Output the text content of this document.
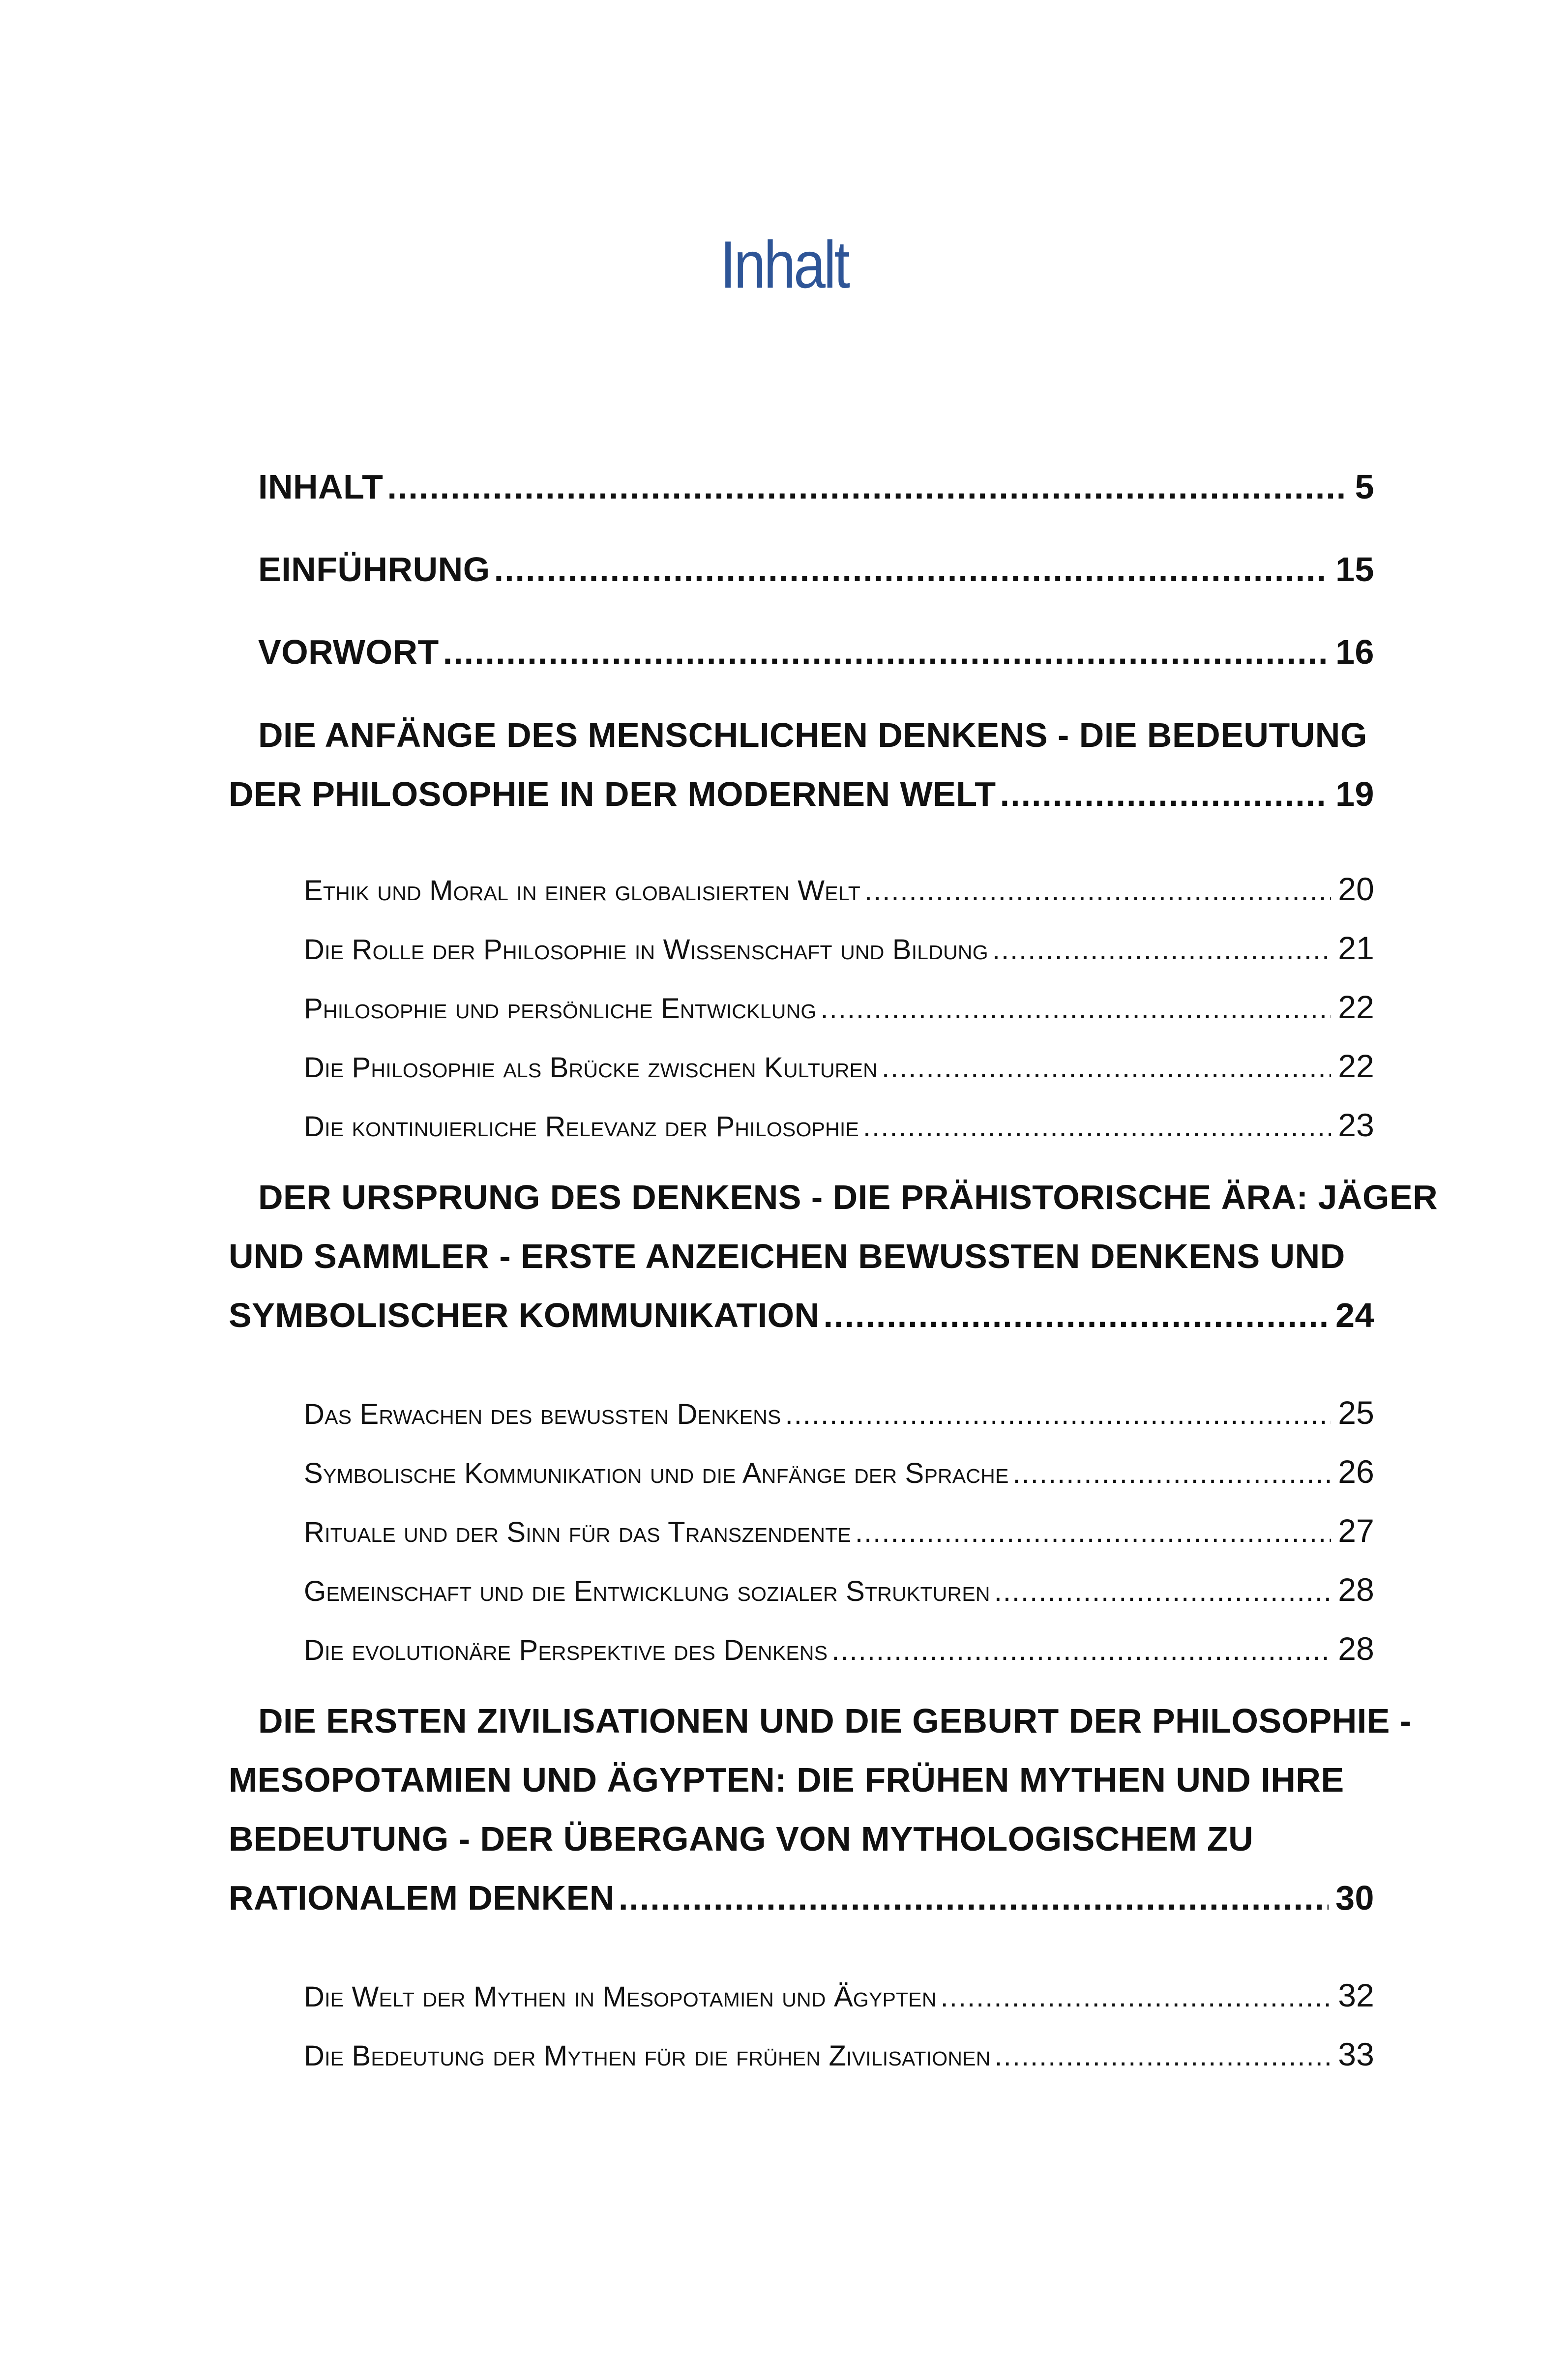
Inhalt
INHALT .....	5
EINFÜHRUNG .....	15
VORWORT .....	16
DIE ANFÄNGE DES MENSCHLICHEN DENKENS - DIE BEDEUTUNG
DER PHILOSOPHIE IN DER MODERNEN WELT .....	19
Ethik und Moral in einer globalisierten Welt .....	20
Die Rolle der Philosophie in Wissenschaft und Bildung .....	21
Philosophie und persönliche Entwicklung .....	22
Die Philosophie als Brücke zwischen Kulturen .....	22
Die kontinuierliche Relevanz der Philosophie .....	23
DER URSPRUNG DES DENKENS - DIE PRÄHISTORISCHE ÄRA: JÄGER
UND SAMMLER - ERSTE ANZEICHEN BEWUSSTEN DENKENS UND
SYMBOLISCHER KOMMUNIKATION .....	24
Das Erwachen des bewussten Denkens .....	25
Symbolische Kommunikation und die Anfänge der Sprache .....	26
Rituale und der Sinn für das Transzendente .....	27
Gemeinschaft und die Entwicklung sozialer Strukturen .....	28
Die evolutionäre Perspektive des Denkens .....	28
DIE ERSTEN ZIVILISATIONEN UND DIE GEBURT DER PHILOSOPHIE -
MESOPOTAMIEN UND ÄGYPTEN: DIE FRÜHEN MYTHEN UND IHRE
BEDEUTUNG - DER ÜBERGANG VON MYTHOLOGISCHEM ZU
RATIONALEM DENKEN .....	30
Die Welt der Mythen in Mesopotamien und Ägypten .....	32
Die Bedeutung der Mythen für die frühen Zivilisationen .....	33
